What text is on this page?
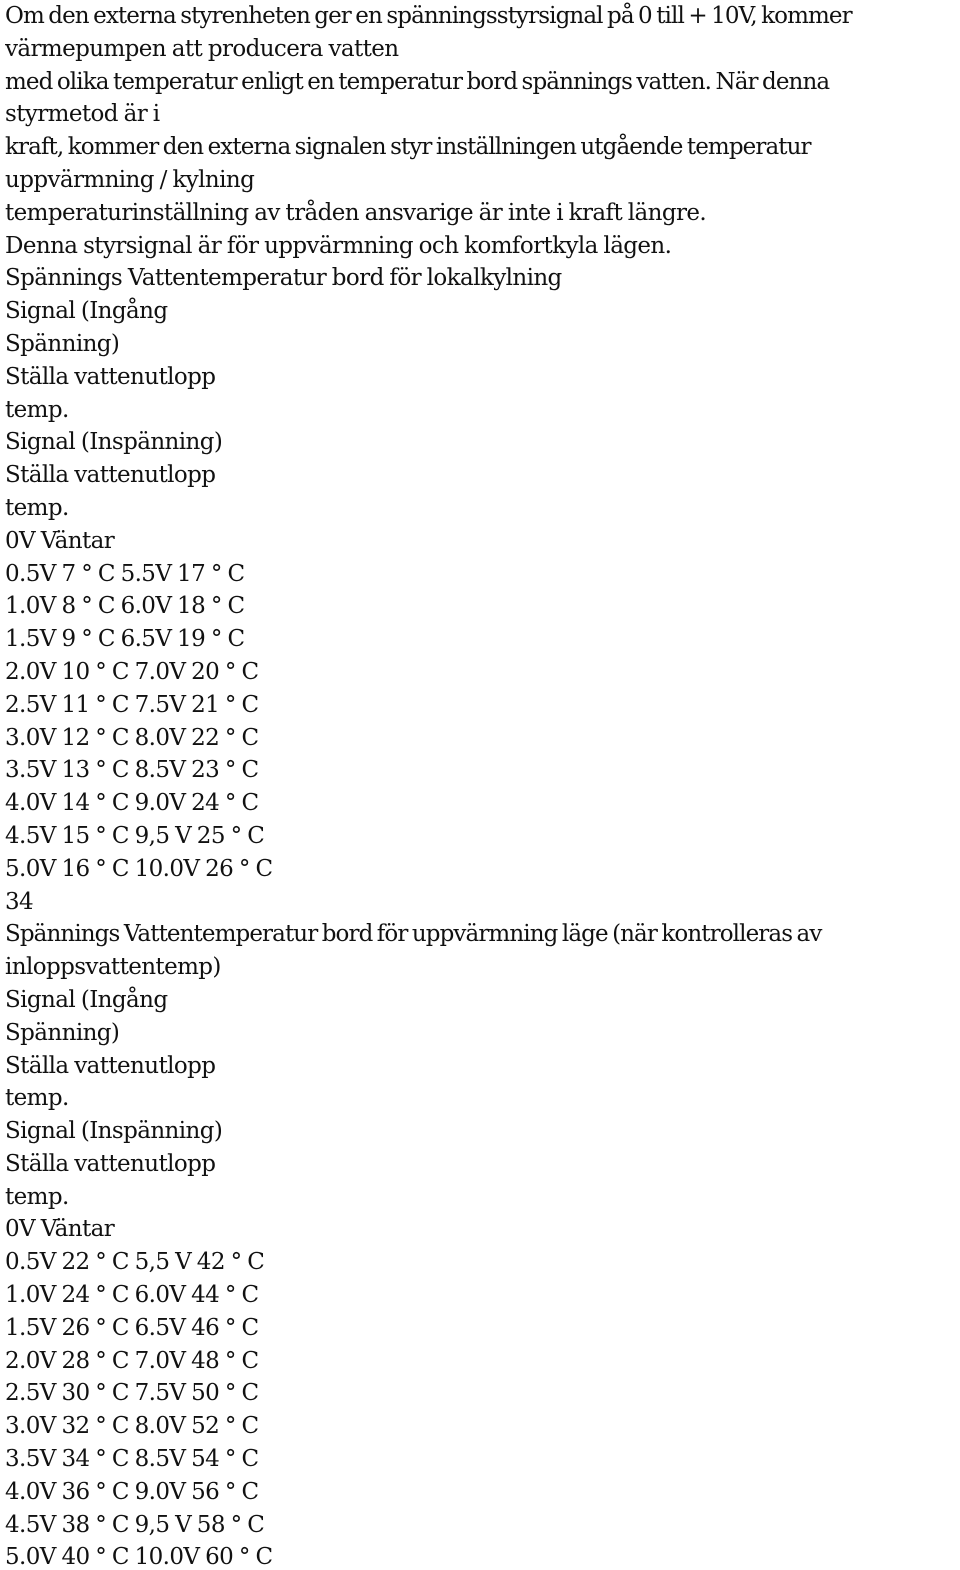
Om den externa styrenheten ger en spänningsstyrsignal på 0 till + 10V, kommer
värmepumpen att producera vatten
med olika temperatur enligt en temperatur bord spännings vatten. När denna
styrmetod är i
kraft, kommer den externa signalen styr inställningen utgående temperatur
uppvärmning / kylning
temperaturinställning av tråden ansvarige är inte i kraft längre.
Denna styrsignal är för uppvärmning och komfortkyla lägen.
Spännings Vattentemperatur bord för lokalkylning
Signal (Ingång
Spänning)
Ställa vattenutlopp
temp.
Signal (Inspänning)
Ställa vattenutlopp
temp.
0V Väntar
0.5V 7 ° C 5.5V 17 ° C
1.0V 8 ° C 6.0V 18 ° C
1.5V 9 ° C 6.5V 19 ° C
2.0V 10 ° C 7.0V 20 ° C
2.5V 11 ° C 7.5V 21 ° C
3.0V 12 ° C 8.0V 22 ° C
3.5V 13 ° C 8.5V 23 ° C
4.0V 14 ° C 9.0V 24 ° C
4.5V 15 ° C 9,5 V 25 ° C
5.0V 16 ° C 10.0V 26 ° C
34
Spännings Vattentemperatur bord för uppvärmning läge (när kontrolleras av
inloppsvattentemp)
Signal (Ingång
Spänning)
Ställa vattenutlopp
temp.
Signal (Inspänning)
Ställa vattenutlopp
temp.
0V Väntar
0.5V 22 ° C 5,5 V 42 ° C
1.0V 24 ° C 6.0V 44 ° C
1.5V 26 ° C 6.5V 46 ° C
2.0V 28 ° C 7.0V 48 ° C
2.5V 30 ° C 7.5V 50 ° C
3.0V 32 ° C 8.0V 52 ° C
3.5V 34 ° C 8.5V 54 ° C
4.0V 36 ° C 9.0V 56 ° C
4.5V 38 ° C 9,5 V 58 ° C
5.0V 40 ° C 10.0V 60 ° C
